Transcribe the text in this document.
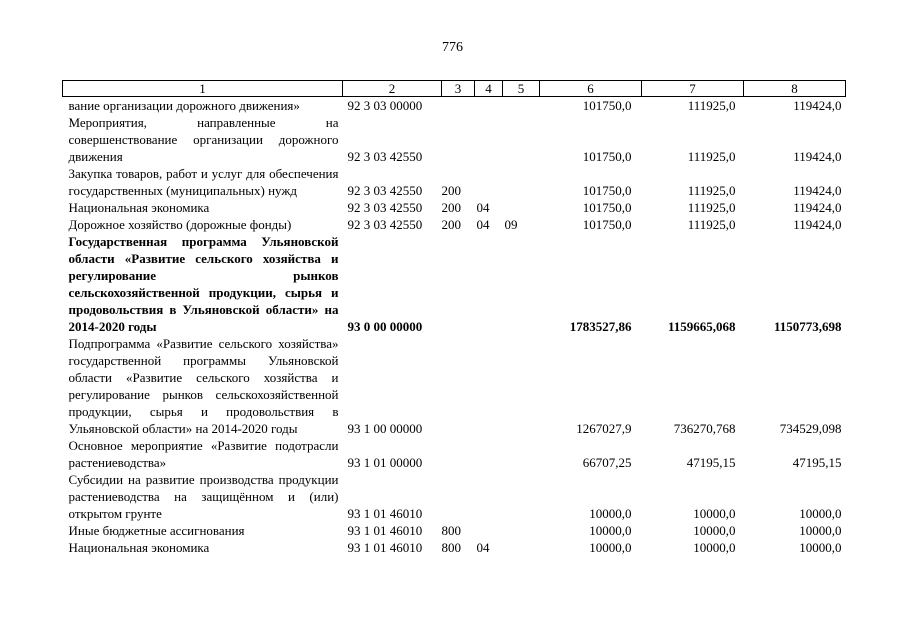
776
1	2	3	4	5	6	7	8
вание организации дорожного движения»	92 3 03 00000				101750,0	111925,0	119424,0
Мероприятия, направленные на совершенствование организации дорожного движения	92 3 03 42550				101750,0	111925,0	119424,0
Закупка товаров, работ и услуг для обеспечения государственных (муниципальных) нужд	92 3 03 42550	200			101750,0	111925,0	119424,0
Национальная экономика	92 3 03 42550	200	04		101750,0	111925,0	119424,0
Дорожное хозяйство (дорожные фонды)	92 3 03 42550	200	04	09	101750,0	111925,0	119424,0
Государственная программа Ульяновской области «Развитие сельского хозяйства и регулирование рынков сельскохозяйственной продукции, сырья и продовольствия в Ульяновской области» на 2014-2020 годы	93 0 00 00000				1783527,86	1159665,068	1150773,698
Подпрограмма «Развитие сельского хозяйства» государственной программы Ульяновской области «Развитие сельского хозяйства и регулирование рынков сельскохозяйственной продукции, сырья и продовольствия в Ульяновской области» на 2014-2020 годы	93 1 00 00000				1267027,9	736270,768	734529,098
Основное мероприятие «Развитие подотрасли растениеводства»	93 1 01 00000				66707,25	47195,15	47195,15
Субсидии на развитие производства продукции растениеводства на защищённом и (или) открытом грунте	93 1 01 46010				10000,0	10000,0	10000,0
Иные бюджетные ассигнования	93 1 01 46010	800			10000,0	10000,0	10000,0
Национальная экономика	93 1 01 46010	800	04		10000,0	10000,0	10000,0
